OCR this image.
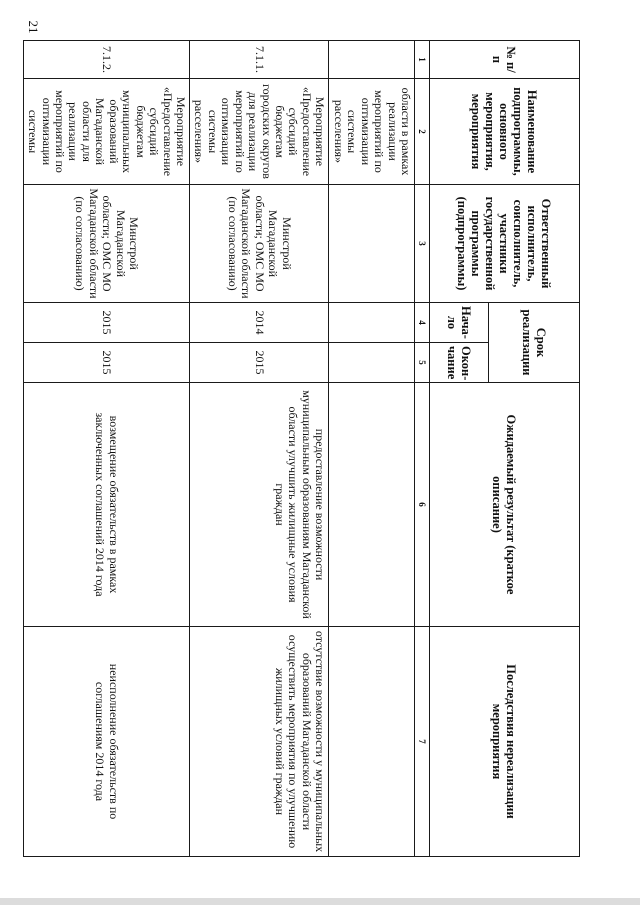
21
№ п/п	Наименование подпрограммы, основного мероприятия, мероприятия	Ответственный исполнитель, соисполнитель, участники государственной программы (подпрограммы)	Срок реализации		Ожидаемый результат (краткое описание)	Последствия нереализации мероприятия
			Нача-ло	Окон-чание		
1	2	3	4	5	6	7
	области в рамках реализации мероприятий по оптимизации системы расселения»					
7.1.1.	Мероприятие «Предоставление субсидий бюджетам городских округов для реализации мероприятий по оптимизации системы расселения»	Минстрой Магаданской области; ОМС МО Магаданской области (по согласованию)	2014	2015	предоставление возможности муниципальным образованиям Магаданской области улучшить жилищные условия граждан	отсутствие возможности у муниципальных образований Магаданской области осуществить мероприятия по улучшению жилищных условий граждан
7.1.2.	Мероприятие «Предоставление субсидий бюджетам муниципальных образований Магаданской области для реализации мероприятий по оптимизации системы	Минстрой Магаданской области; ОМС МО Магаданской области (по согласованию)	2015	2015	возмещение обязательств в рамках заключенных соглашений 2014 года	неисполнение обязательств по соглашениям 2014 года
